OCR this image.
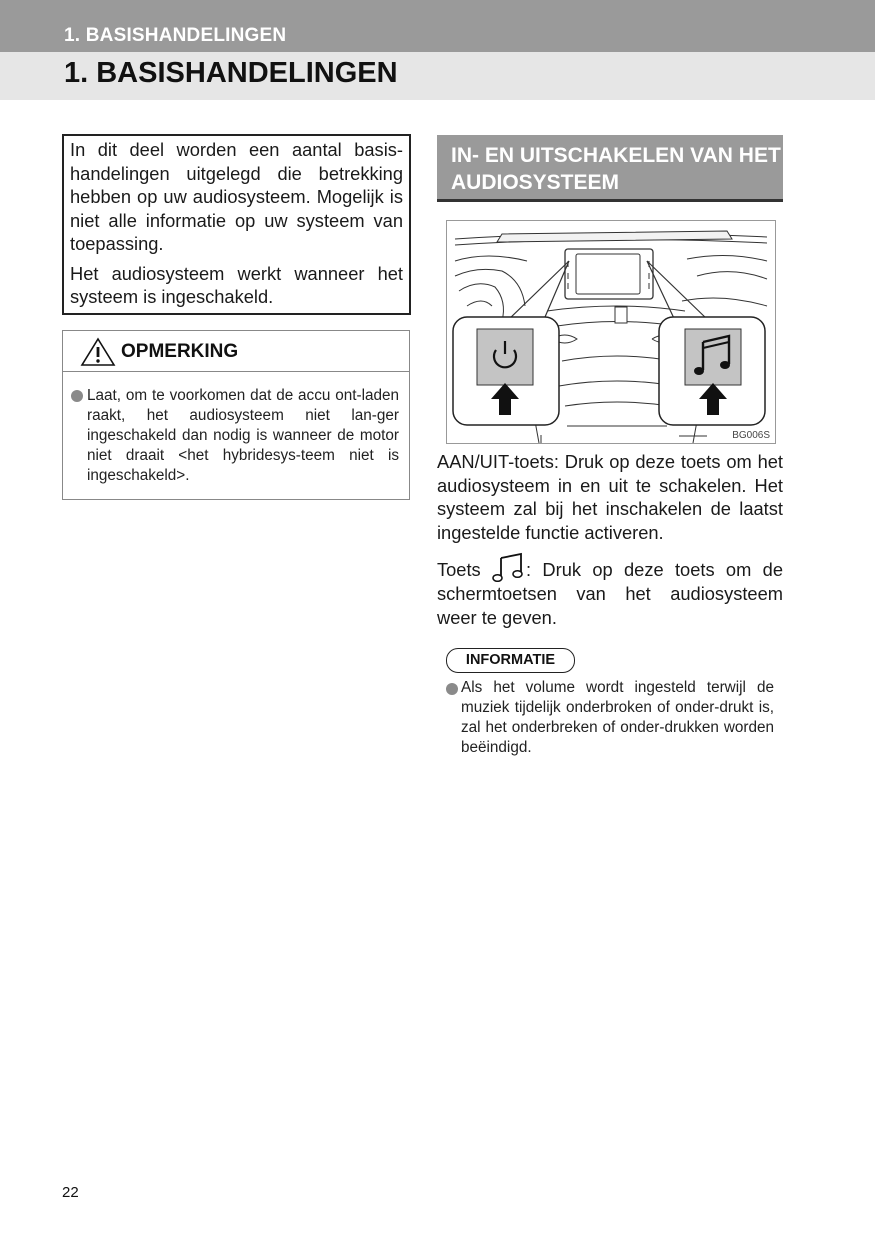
1. BASISHANDELINGEN
1. BASISHANDELINGEN

In dit deel worden een aantal basis-handelingen uitgelegd die betrekking hebben op uw audiosysteem. Mogelijk is niet alle informatie op uw systeem van toepassing.

Het audiosysteem werkt wanneer het systeem is ingeschakeld.

OPMERKING
Laat, om te voorkomen dat de accu ont-laden raakt, het audiosysteem niet lan-ger ingeschakeld dan nodig is wanneer de motor niet draait <het hybridesys-teem niet is ingeschakeld>.
IN- EN UITSCHAKELEN VAN HET AUDIOSYSTEEM
BG006S
AAN/UIT-toets: Druk op deze toets om het audiosysteem in en uit te schakelen. Het systeem zal bij het inschakelen de laatst ingestelde functie activeren.
Toets : Druk op deze toets om de schermtoetsen van het audiosysteem weer te geven.
INFORMATIE
Als het volume wordt ingesteld terwijl de muziek tijdelijk onderbroken of onder-drukt is, zal het onderbreken of onder-drukken worden beëindigd.
22
